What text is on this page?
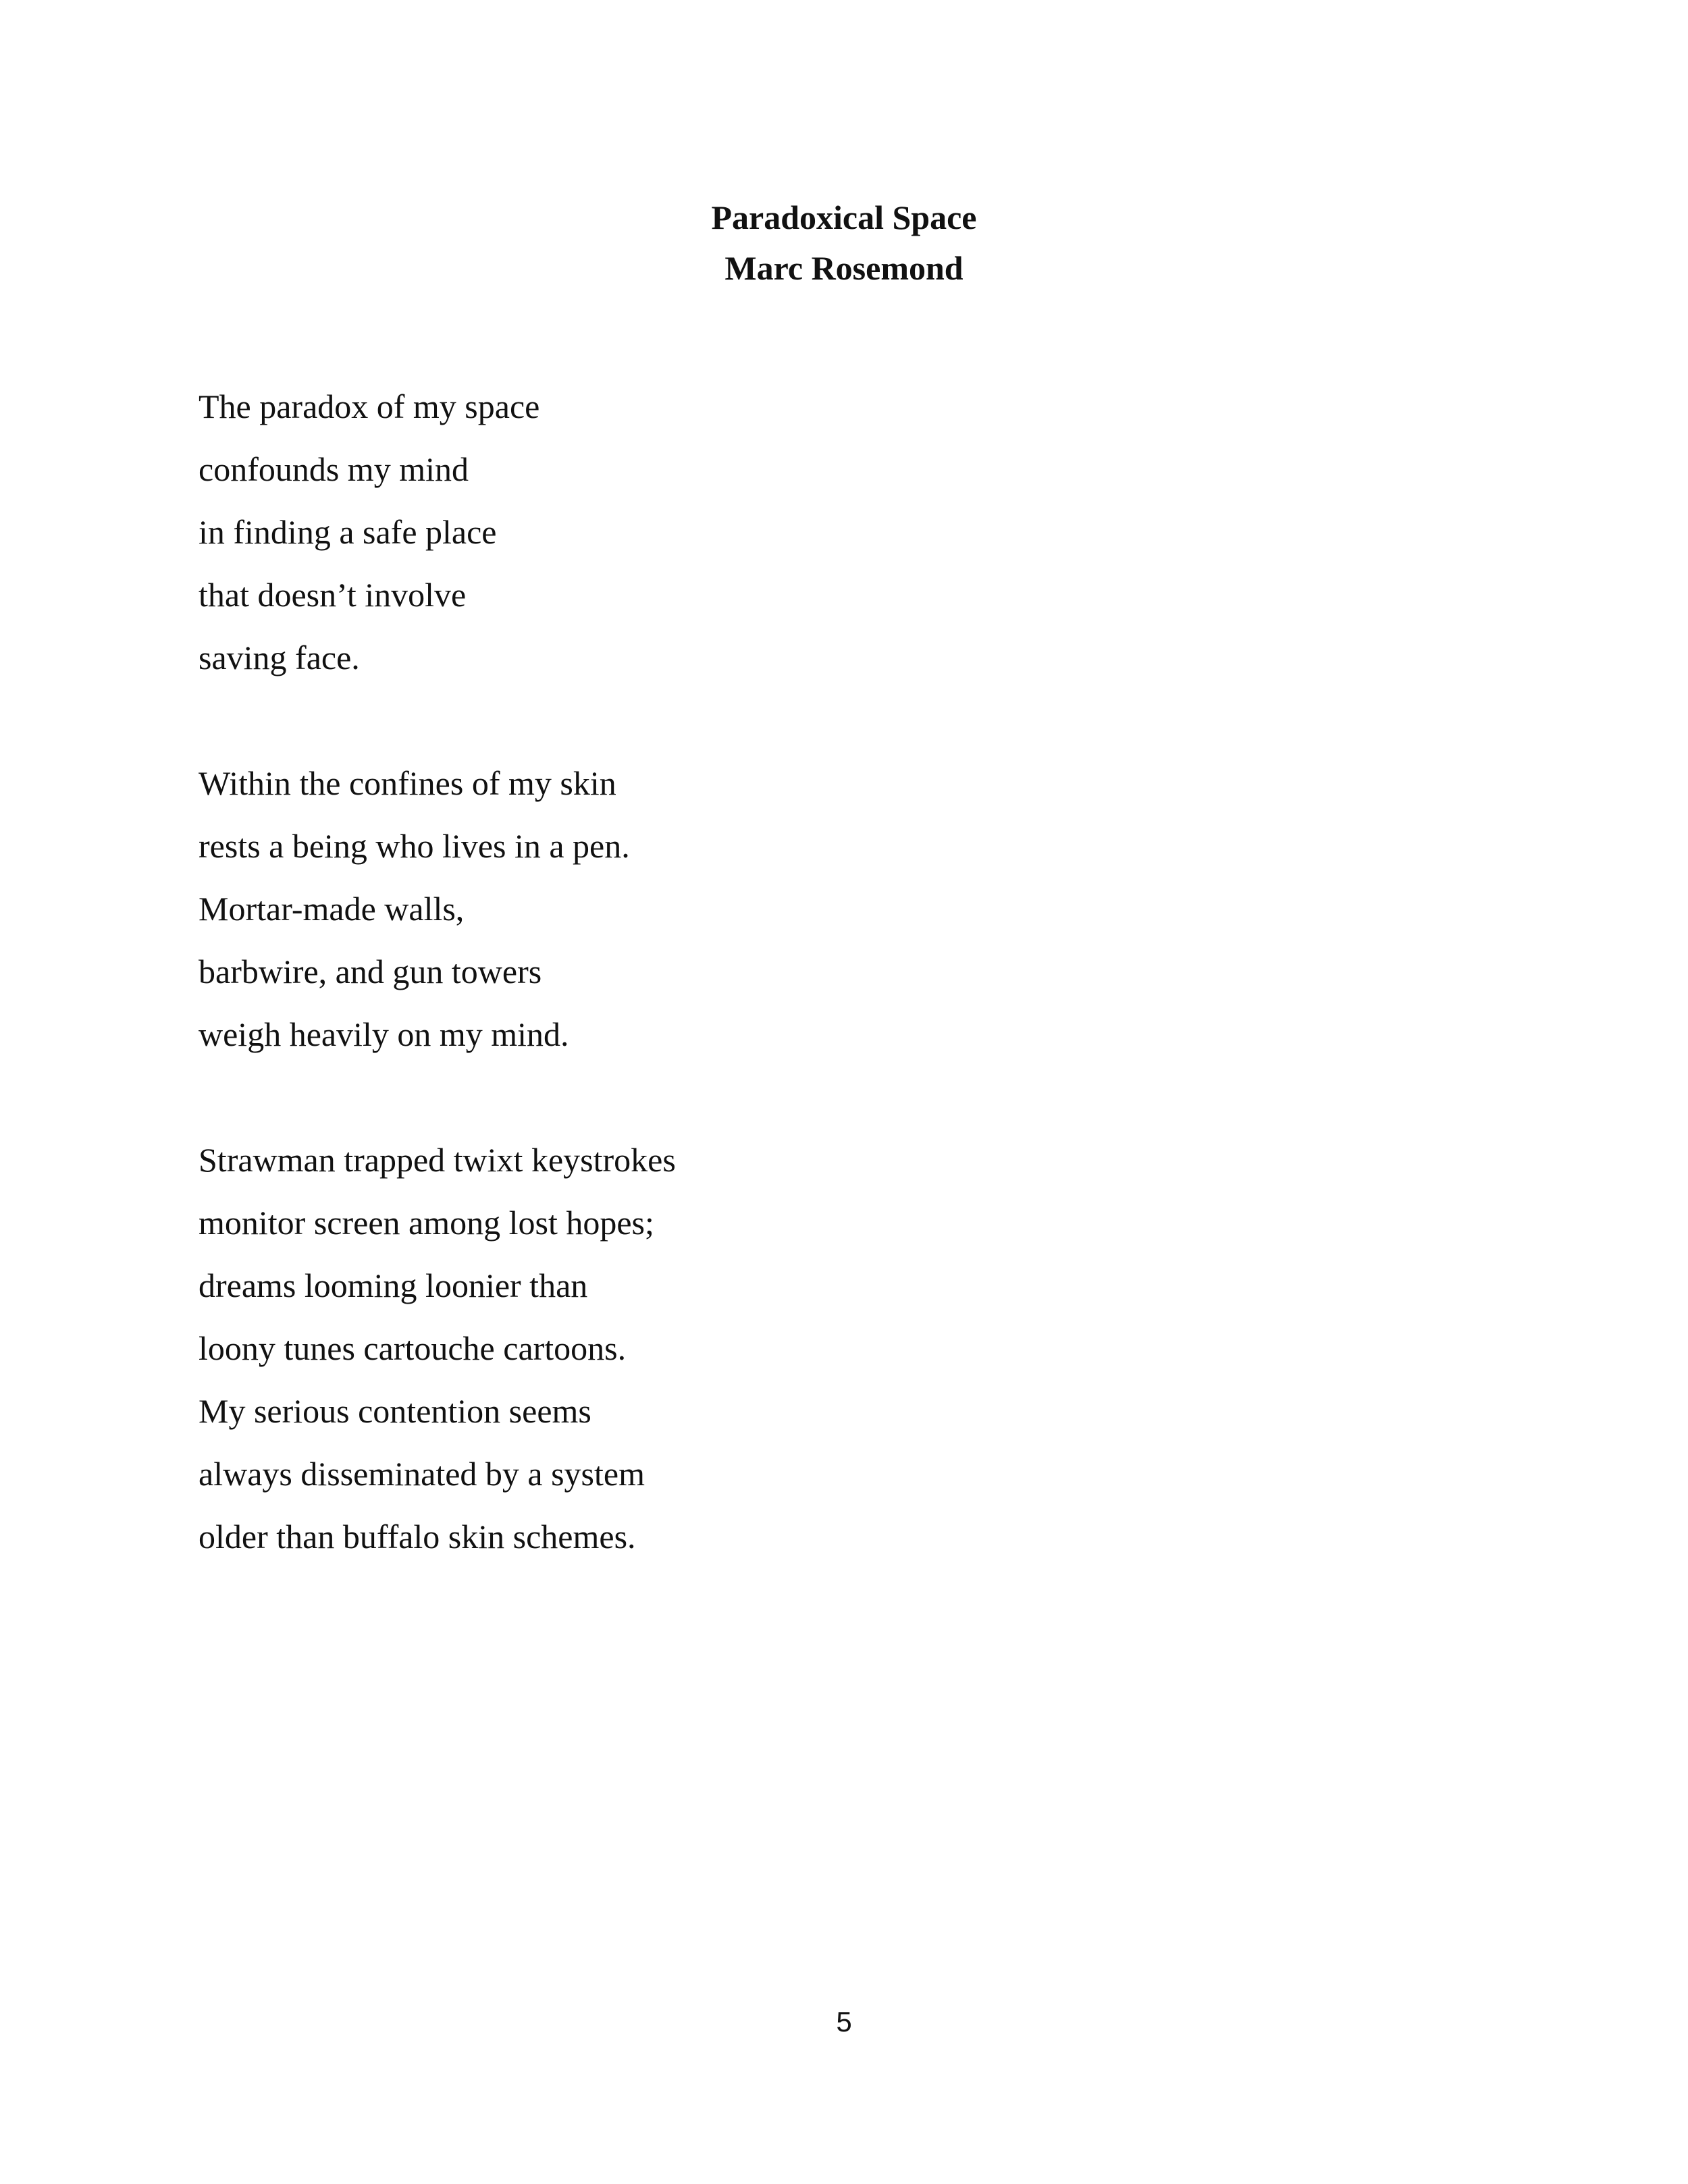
Paradoxical Space
Marc Rosemond
The paradox of my space
confounds my mind
in finding a safe place
that doesn’t involve
saving face.
Within the confines of my skin
rests a being who lives in a pen.
Mortar-made walls,
barbwire, and gun towers
weigh heavily on my mind.
Strawman trapped twixt keystrokes
monitor screen among lost hopes;
dreams looming loonier than
loony tunes cartouche cartoons.
My serious contention seems
always disseminated by a system
older than buffalo skin schemes.
5
